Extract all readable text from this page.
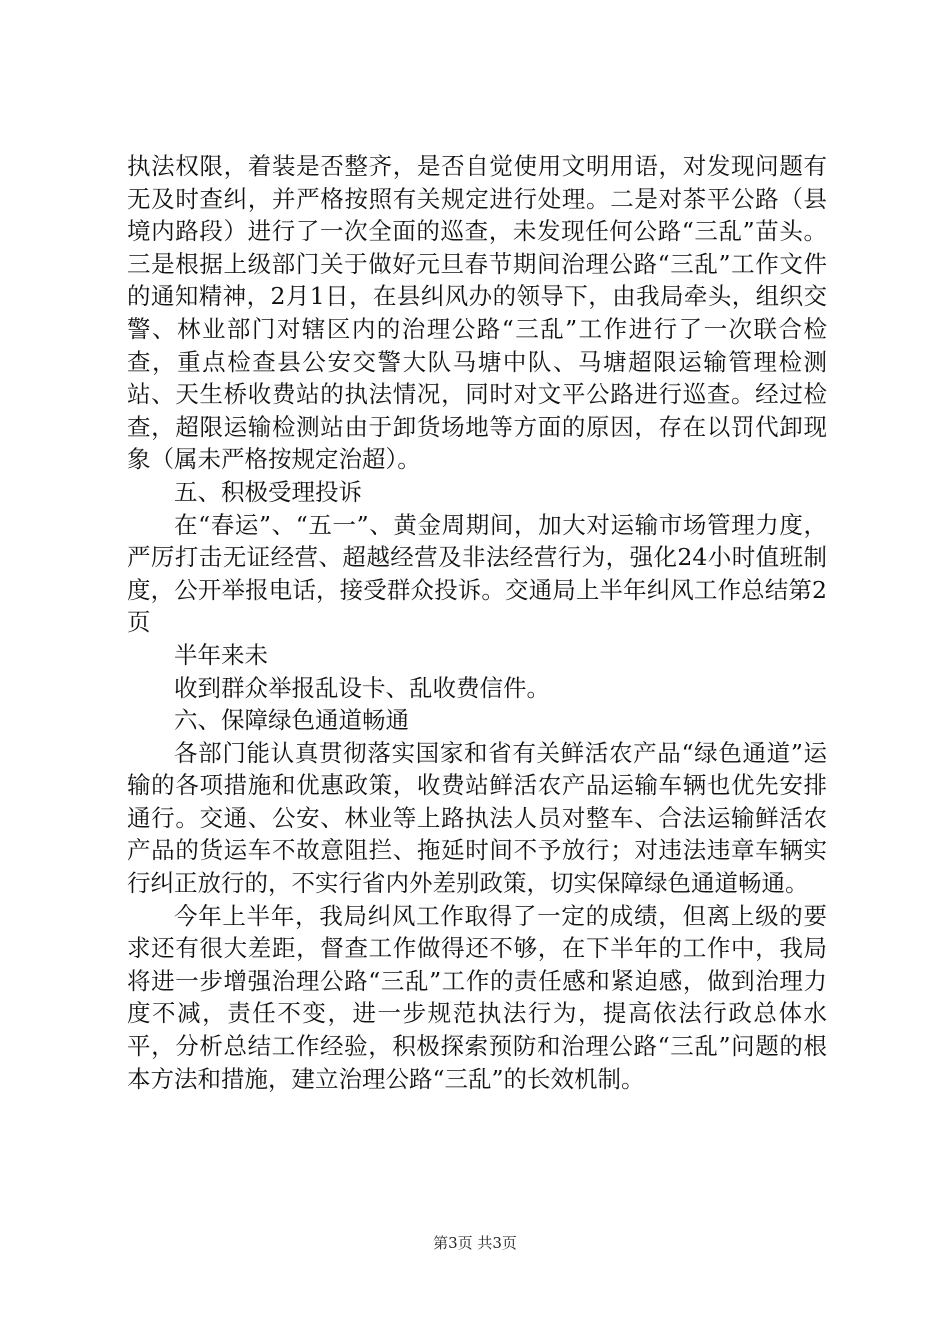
执法权限，着装是否整齐，是否自觉使用文明用语，对发现问题有无及时查纠，并严格按照有关规定进行处理。二是对茶平公路（县境内路段）进行了一次全面的巡查，未发现任何公路“三乱”苗头。三是根据上级部门关于做好元旦春节期间治理公路“三乱”工作文件的通知精神，2月1日，在县纠风办的领导下，由我局牵头，组织交警、林业部门对辖区内的治理公路“三乱”工作进行了一次联合检查，重点检查县公安交警大队马塘中队、马塘超限运输管理检测站、天生桥收费站的执法情况，同时对文平公路进行巡查。经过检查，超限运输检测站由于卸货场地等方面的原因，存在以罚代卸现象（属未严格按规定治超）。

五、积极受理投诉

在“春运”、“五一”、黄金周期间，加大对运输市场管理力度，严厉打击无证经营、超越经营及非法经营行为，强化24小时值班制度，公开举报电话，接受群众投诉。交通局上半年纠风工作总结第2页

半年来未

收到群众举报乱设卡、乱收费信件。

六、保障绿色通道畅通

各部门能认真贯彻落实国家和省有关鲜活农产品“绿色通道”运输的各项措施和优惠政策，收费站鲜活农产品运输车辆也优先安排通行。交通、公安、林业等上路执法人员对整车、合法运输鲜活农产品的货运车不故意阻拦、拖延时间不予放行；对违法违章车辆实行纠正放行的，不实行省内外差别政策，切实保障绿色通道畅通。

今年上半年，我局纠风工作取得了一定的成绩，但离上级的要求还有很大差距，督查工作做得还不够，在下半年的工作中，我局将进一步增强治理公路“三乱”工作的责任感和紧迫感，做到治理力度不减，责任不变，进一步规范执法行为，提高依法行政总体水平，分析总结工作经验，积极探索预防和治理公路“三乱”问题的根本方法和措施，建立治理公路“三乱”的长效机制。

第3页 共3页
